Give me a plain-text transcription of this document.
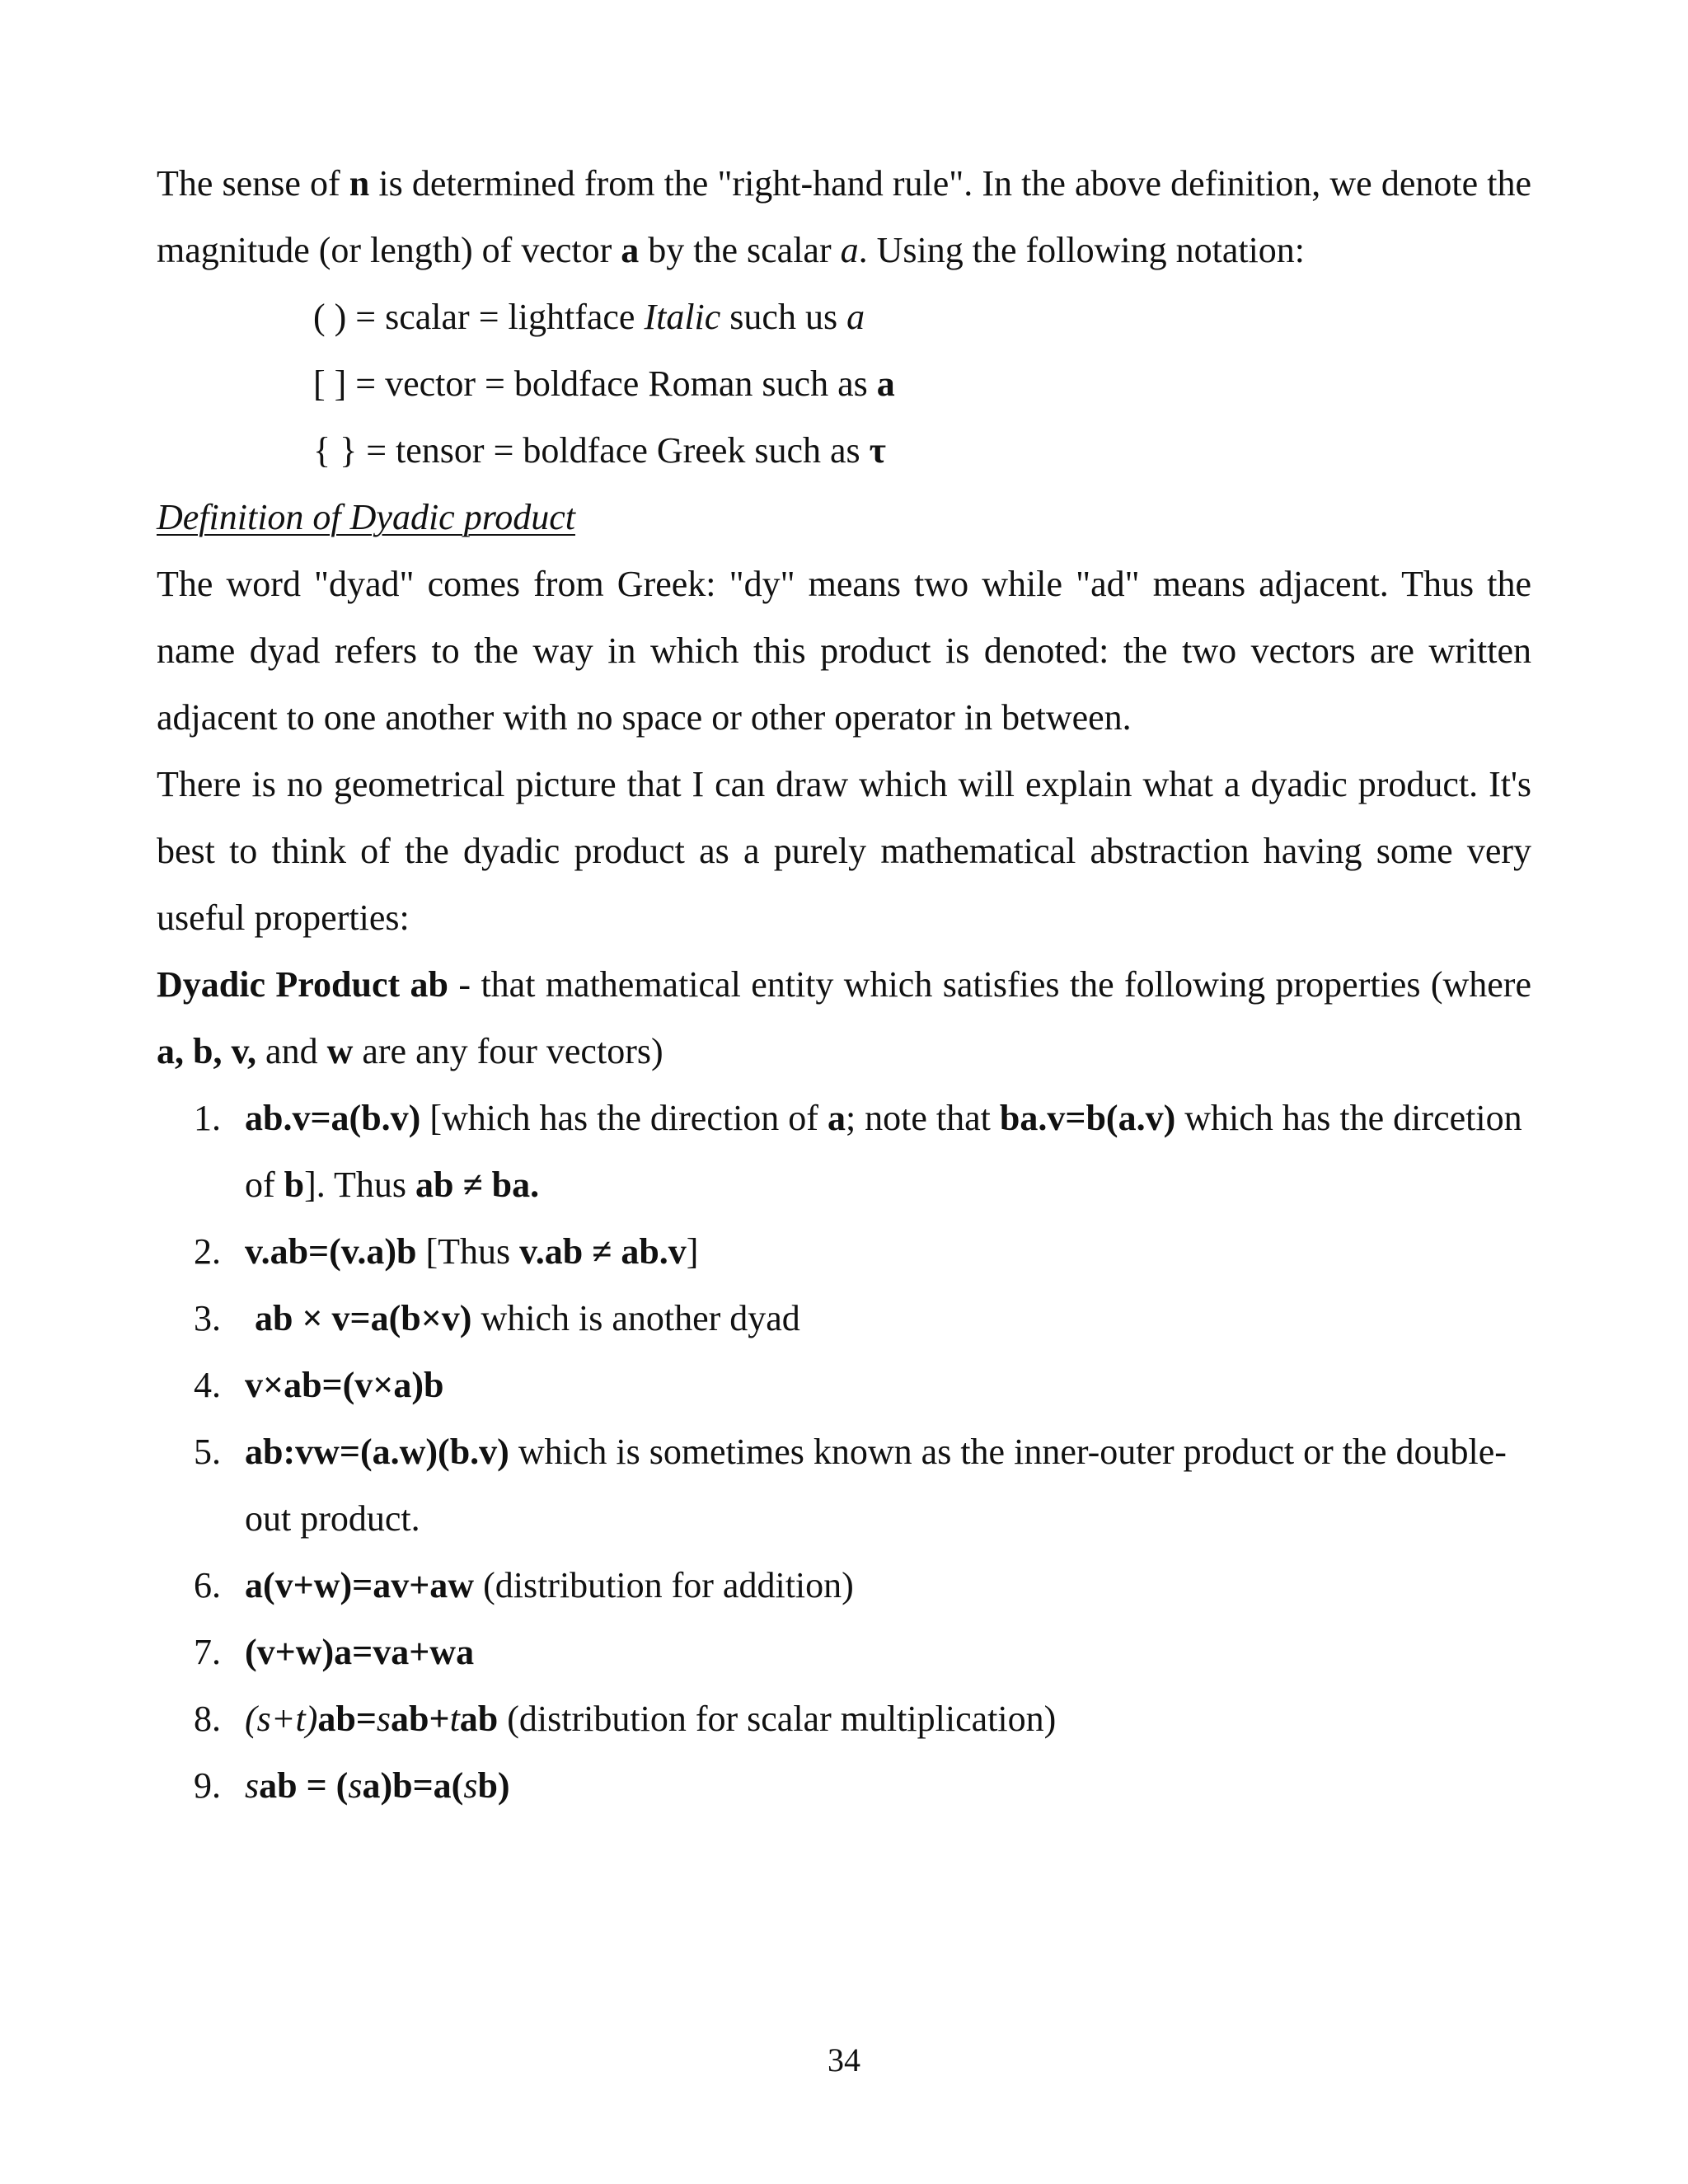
The sense of n is determined from the "right-hand rule". In the above definition, we denote the magnitude (or length) of vector a by the scalar a. Using the following notation:

( ) = scalar = lightface Italic such us a

[ ] = vector = boldface Roman such as a

{ } = tensor = boldface Greek such as τ

Definition of Dyadic product

The word "dyad" comes from Greek: "dy" means two while "ad" means adjacent. Thus the name dyad refers to the way in which this product is denoted: the two vectors are written adjacent to one another with no space or other operator in between.

There is no geometrical picture that I can draw which will explain what a dyadic product. It's best to think of the dyadic product as a purely mathematical abstraction having some very useful properties:

Dyadic Product ab - that mathematical entity which satisfies the following properties (where a, b, v, and w are any four vectors)

1. ab.v=a(b.v) [which has the direction of a; note that ba.v=b(a.v) which has the dircetion of b]. Thus ab ≠ ba.
2. v.ab=(v.a)b [Thus v.ab ≠ ab.v]
3. ab × v=a(b×v) which is another dyad
4. v×ab=(v×a)b
5. ab:vw=(a.w)(b.v) which is sometimes known as the inner-outer product or the double-out product.
6. a(v+w)=av+aw (distribution for addition)
7. (v+w)a=va+wa
8. (s+t)ab=sab+tab (distribution for scalar multiplication)
9. sab = (sa)b=a(sb)
34
